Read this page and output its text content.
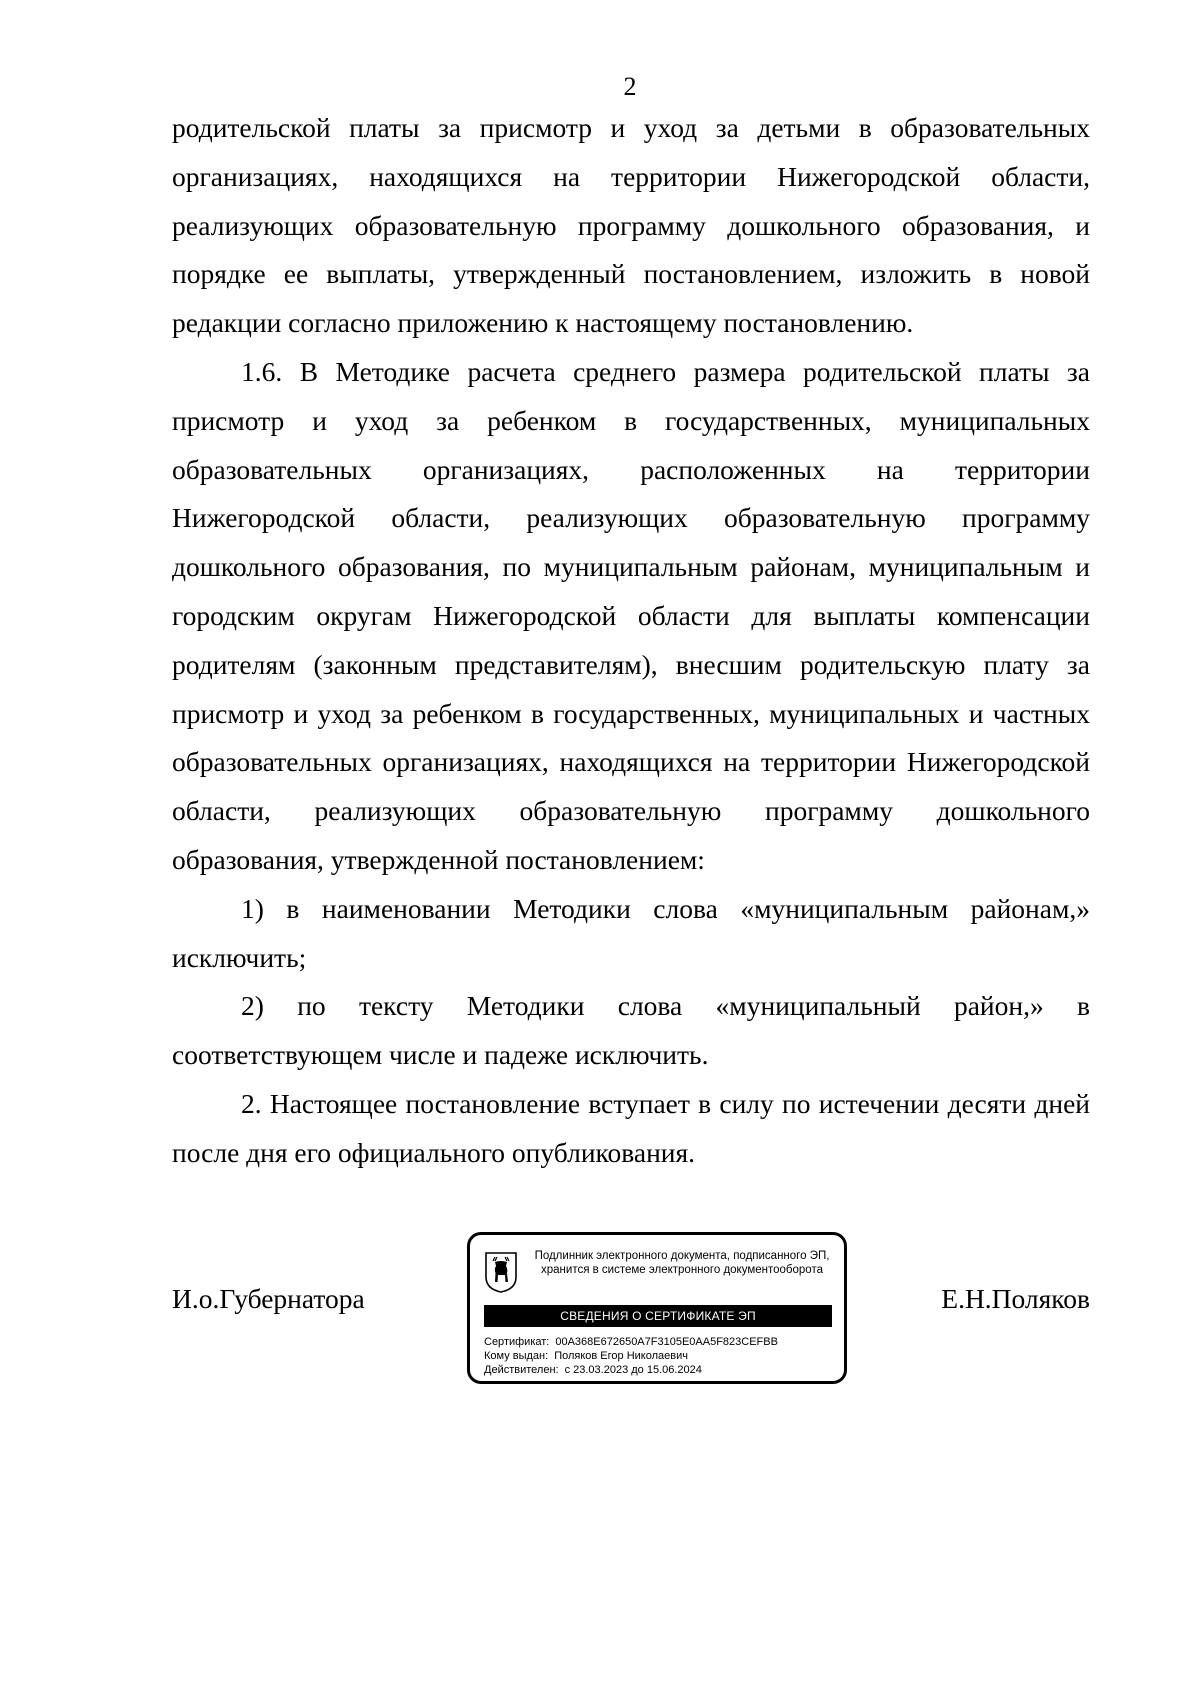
2

родительской платы за присмотр и уход за детьми в образовательных организациях, находящихся на территории Нижегородской области, реализующих образовательную программу дошкольного образования, и порядке ее выплаты, утвержденный постановлением, изложить в новой редакции согласно приложению к настоящему постановлению.

1.6. В Методике расчета среднего размера родительской платы за присмотр и уход за ребенком в государственных, муниципальных образовательных организациях, расположенных на территории Нижегородской области, реализующих образовательную программу дошкольного образования, по муниципальным районам, муниципальным и городским округам Нижегородской области для выплаты компенсации родителям (законным представителям), внесшим родительскую плату за присмотр и уход за ребенком в государственных, муниципальных и частных образовательных организациях, находящихся на территории Нижегородской области, реализующих образовательную программу дошкольного образования, утвержденной постановлением:

1) в наименовании Методики слова «муниципальным районам,» исключить;

2) по тексту Методики слова «муниципальный район,» в соответствующем числе и падеже исключить.

2. Настоящее постановление вступает в силу по истечении десяти дней после дня его официального опубликования.

И.о.Губернатора
Подлинник электронного документа, подписанного ЭП,
хранится в системе электронного документооборота
СВЕДЕНИЯ О СЕРТИФИКАТЕ ЭП
Сертификат: 00A368E672650A7F3105E0AA5F823CEFBB
Кому выдан: Поляков Егор Николаевич
Действителен: с 23.03.2023 до 15.06.2024
Е.Н.Поляков
